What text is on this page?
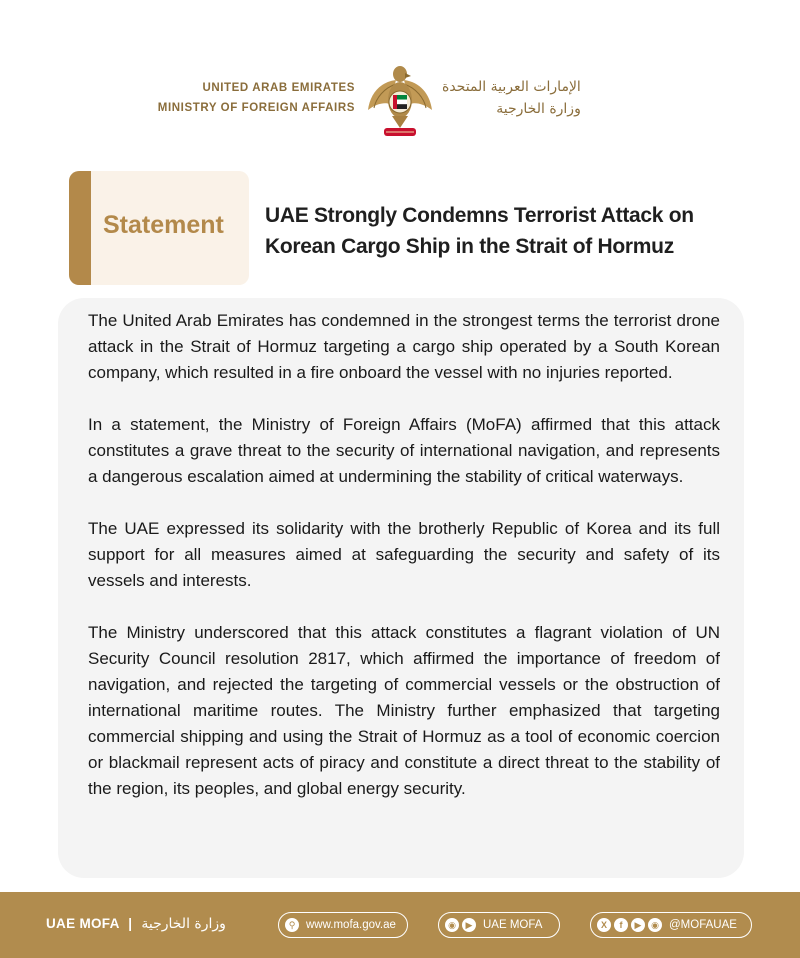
UNITED ARAB EMIRATES
MINISTRY OF FOREIGN AFFAIRS
الإمارات العربية المتحدة
وزارة الخارجية
Statement UAE Strongly Condemns Terrorist Attack on
Korean Cargo Ship in the Strait of Hormuz

The United Arab Emirates has condemned in the strongest terms the terrorist drone attack in the Strait of Hormuz targeting a cargo ship operated by a South Korean company, which resulted in a fire onboard the vessel with no injuries reported.

In a statement, the Ministry of Foreign Affairs (MoFA) affirmed that this attack constitutes a grave threat to the security of international navigation, and represents a dangerous escalation aimed at undermining the stability of critical waterways.

The UAE expressed its solidarity with the brotherly Republic of Korea and its full support for all measures aimed at safeguarding the security and safety of its vessels and interests.

The Ministry underscored that this attack constitutes a flagrant violation of UN Security Council resolution 2817, which affirmed the importance of freedom of navigation, and rejected the targeting of commercial vessels or the obstruction of international maritime routes. The Ministry further emphasized that targeting commercial shipping and using the Strait of Hormuz as a tool of economic coercion or blackmail represent acts of piracy and constitute a direct threat to the stability of the region, its peoples, and global energy security.

UAE MOFA | وزارة الخارجية	⚲ www.mofa.gov.ae	◉	▶ UAE MOFA	X	f	▶	◉ @MOFAUAE
